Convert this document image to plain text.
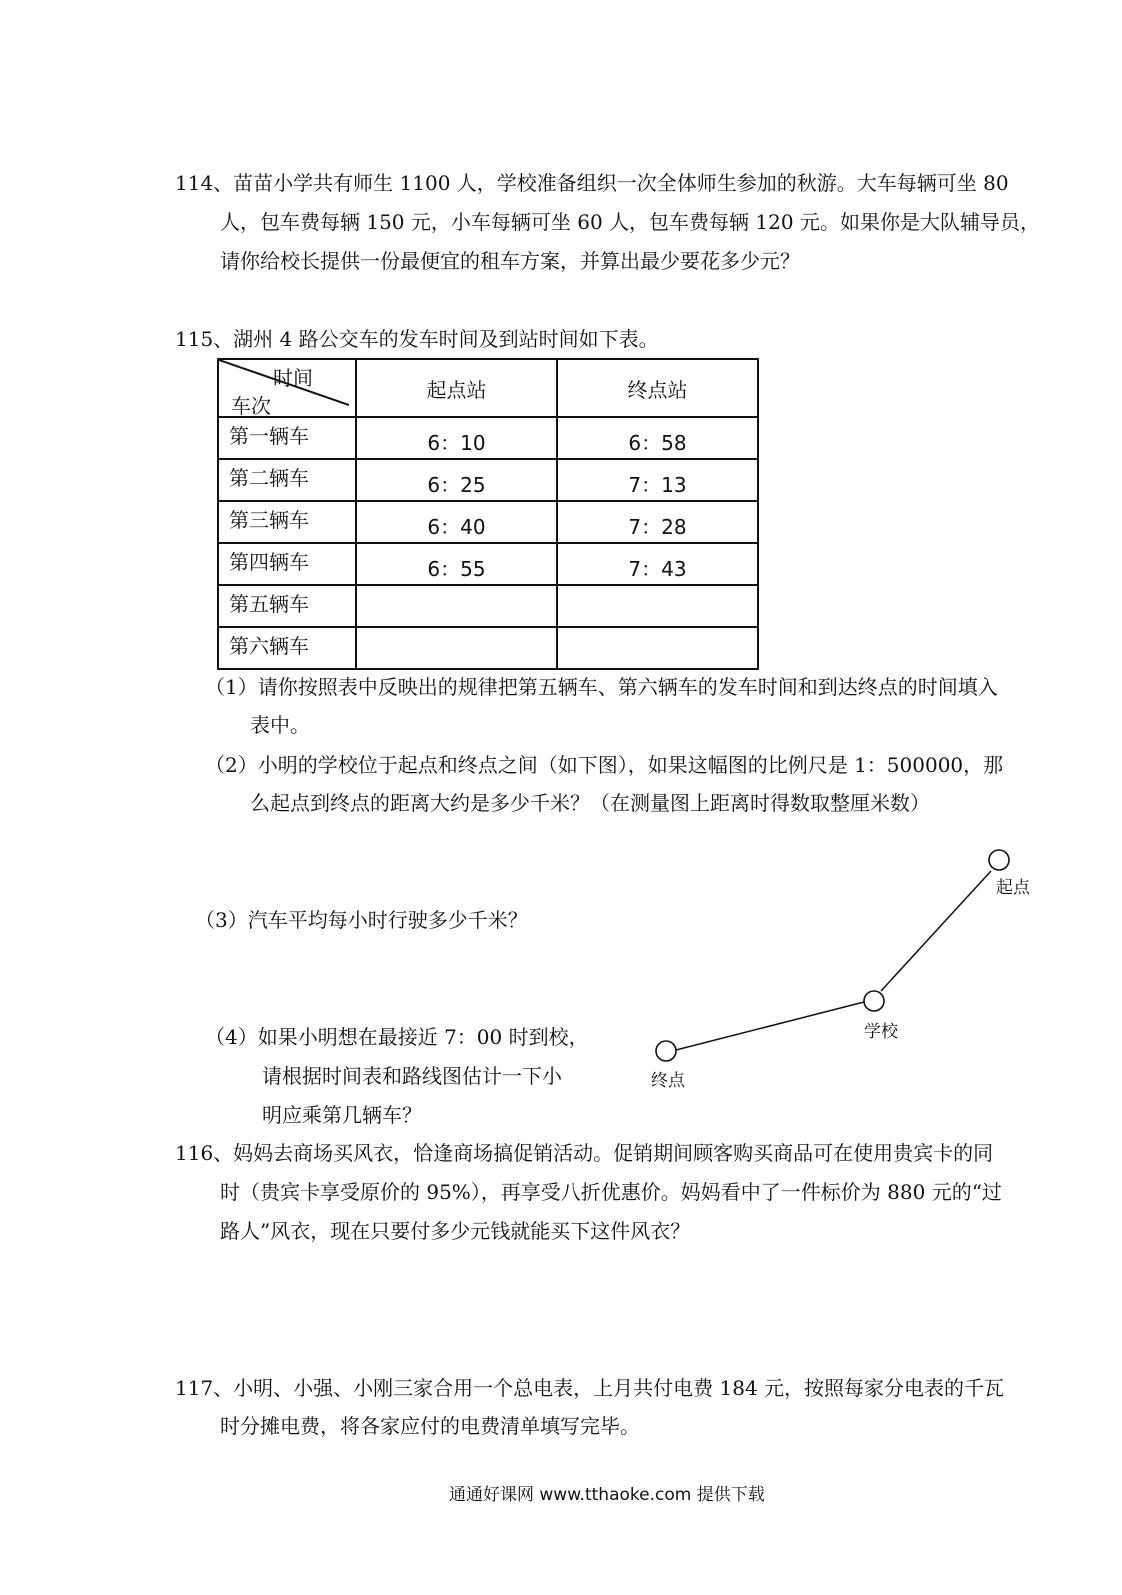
114、苗苗小学共有师生 1100 人，学校准备组织一次全体师生参加的秋游。大车每辆可坐 80
人，包车费每辆 150 元，小车每辆可坐 60 人，包车费每辆 120 元。如果你是大队辅导员，
请你给校长提供一份最便宜的租车方案，并算出最少要花多少元？
115、湖州 4 路公交车的发车时间及到站时间如下表。
时间
车次	起点站	终点站
第一辆车	6：10	6：58
第二辆车	6：25	7：13
第三辆车	6：40	7：28
第四辆车	6：55	7：43
第五辆车		
第六辆车		
（1）请你按照表中反映出的规律把第五辆车、第六辆车的发车时间和到达终点的时间填入
表中。
（2）小明的学校位于起点和终点之间（如下图），如果这幅图的比例尺是 1：500000，那
么起点到终点的距离大约是多少千米？（在测量图上距离时得数取整厘米数）
（3）汽车平均每小时行驶多少千米？
（4）如果小明想在最接近 7：00 时到校，
请根据时间表和路线图估计一下小
明应乘第几辆车？
起点
学校
终点
116、妈妈去商场买风衣，恰逢商场搞促销活动。促销期间顾客购买商品可在使用贵宾卡的同
时（贵宾卡享受原价的 95%），再享受八折优惠价。妈妈看中了一件标价为 880 元的“过
路人”风衣，现在只要付多少元钱就能买下这件风衣？
117、小明、小强、小刚三家合用一个总电表，上月共付电费 184 元，按照每家分电表的千瓦
时分摊电费，将各家应付的电费清单填写完毕。
通通好课网 www.tthaoke.com 提供下载
